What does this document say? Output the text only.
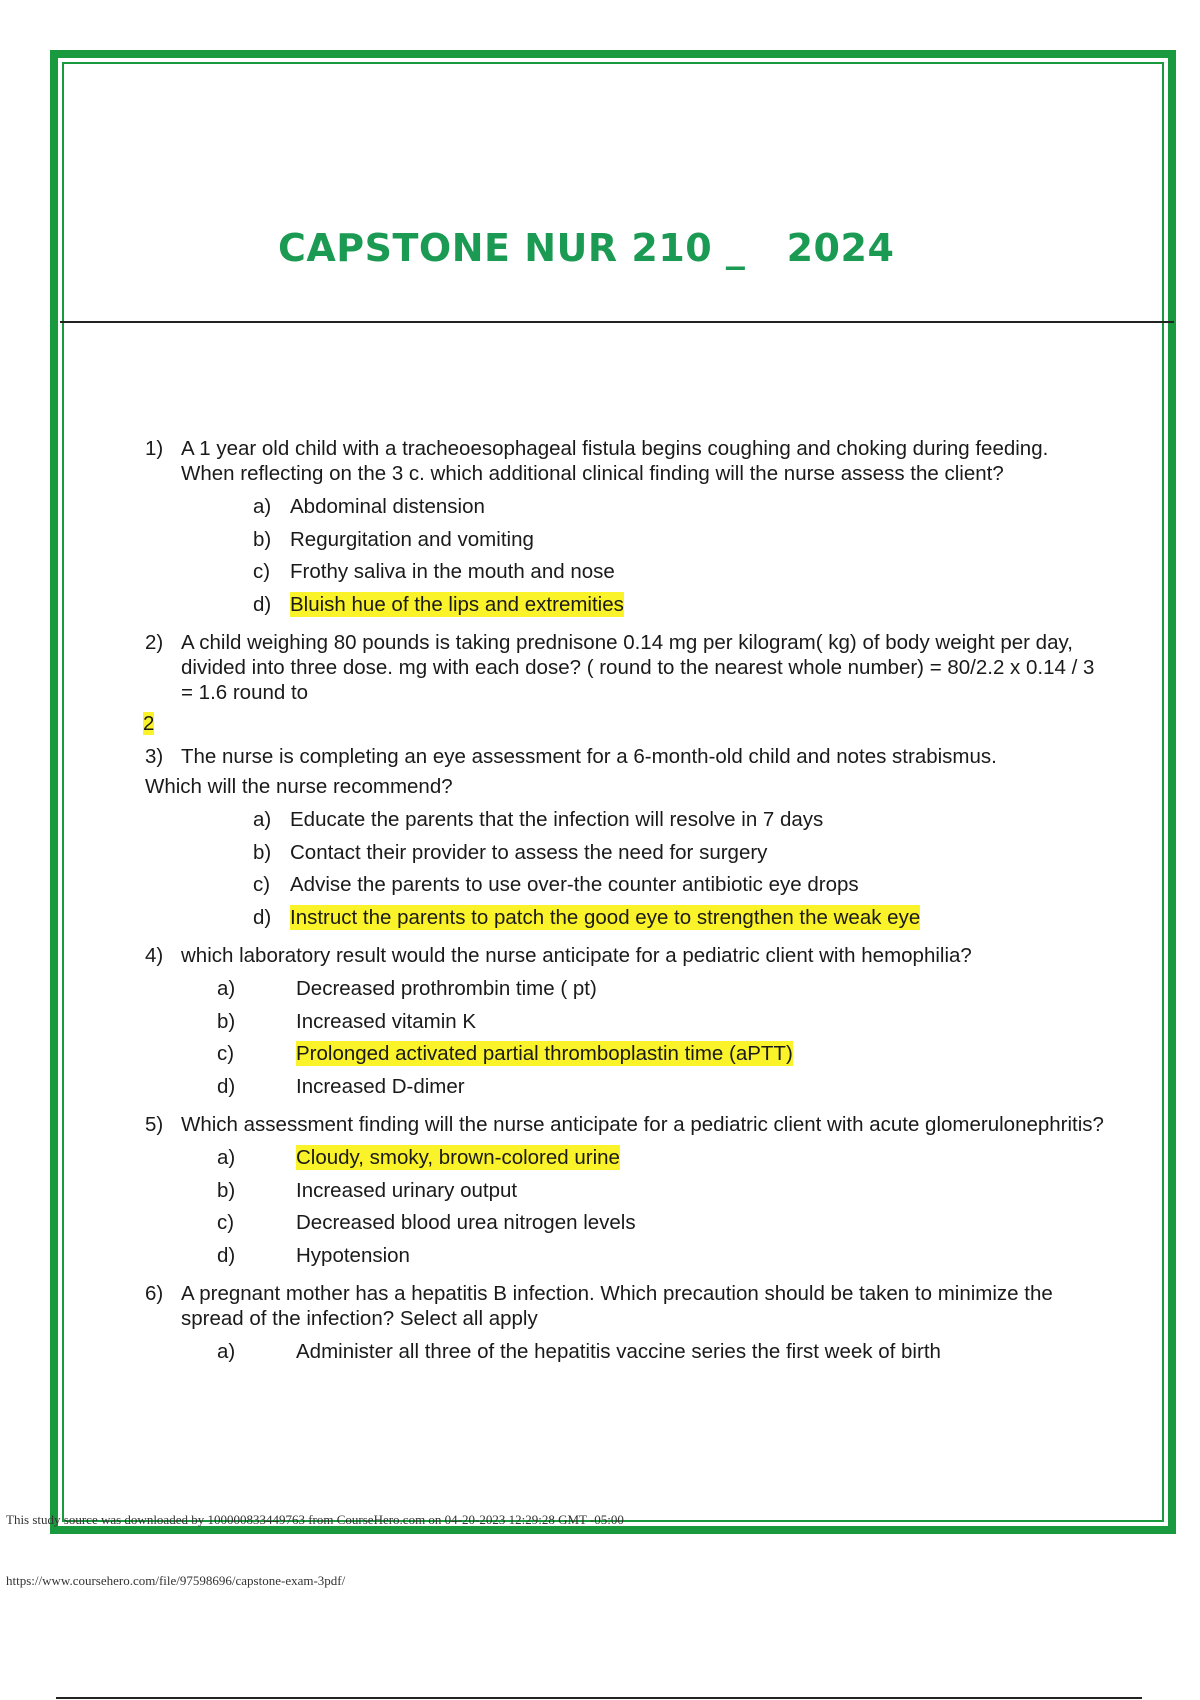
CAPSTONE NUR 210 _   2024
1) A 1 year old child with a tracheoesophageal fistula begins coughing and choking during feeding. When reflecting on the 3 c. which additional clinical finding will the nurse assess the client?
a) Abdominal distension
b) Regurgitation and vomiting
c) Frothy saliva in the mouth and nose
d) Bluish hue of the lips and extremities
2) A child weighing 80 pounds is taking prednisone 0.14 mg per kilogram( kg) of body weight per day, divided into three dose. mg with each dose? ( round to the nearest whole number) = 80/2.2 x 0.14 / 3 = 1.6 round to
2
3) The nurse is completing an eye assessment for a 6-month-old child and notes strabismus.
Which will the nurse recommend?
a) Educate the parents that the infection will resolve in 7 days
b) Contact their provider to assess the need for surgery
c) Advise the parents to use over-the counter antibiotic eye drops
d) Instruct the parents to patch the good eye to strengthen the weak eye
4) which laboratory result would the nurse anticipate for a pediatric client with hemophilia?
a)	Decreased prothrombin time ( pt)
b)	Increased vitamin K
c)	Prolonged activated partial thromboplastin time (aPTT)
d)	Increased D-dimer
5) Which assessment finding will the nurse anticipate for a pediatric client with acute glomerulonephritis?
a)	Cloudy, smoky, brown-colored urine
b)	Increased urinary output
c)	Decreased blood urea nitrogen levels
d)	Hypotension
6) A pregnant mother has a hepatitis B infection. Which precaution should be taken to minimize the spread of the infection? Select all apply
a)	Administer all three of the hepatitis vaccine series the first week of birth
This study source was downloaded by 100000833449763 from CourseHero.com on 04-20-2023 12:29:28 GMT -05:00
https://www.coursehero.com/file/97598696/capstone-exam-3pdf/
